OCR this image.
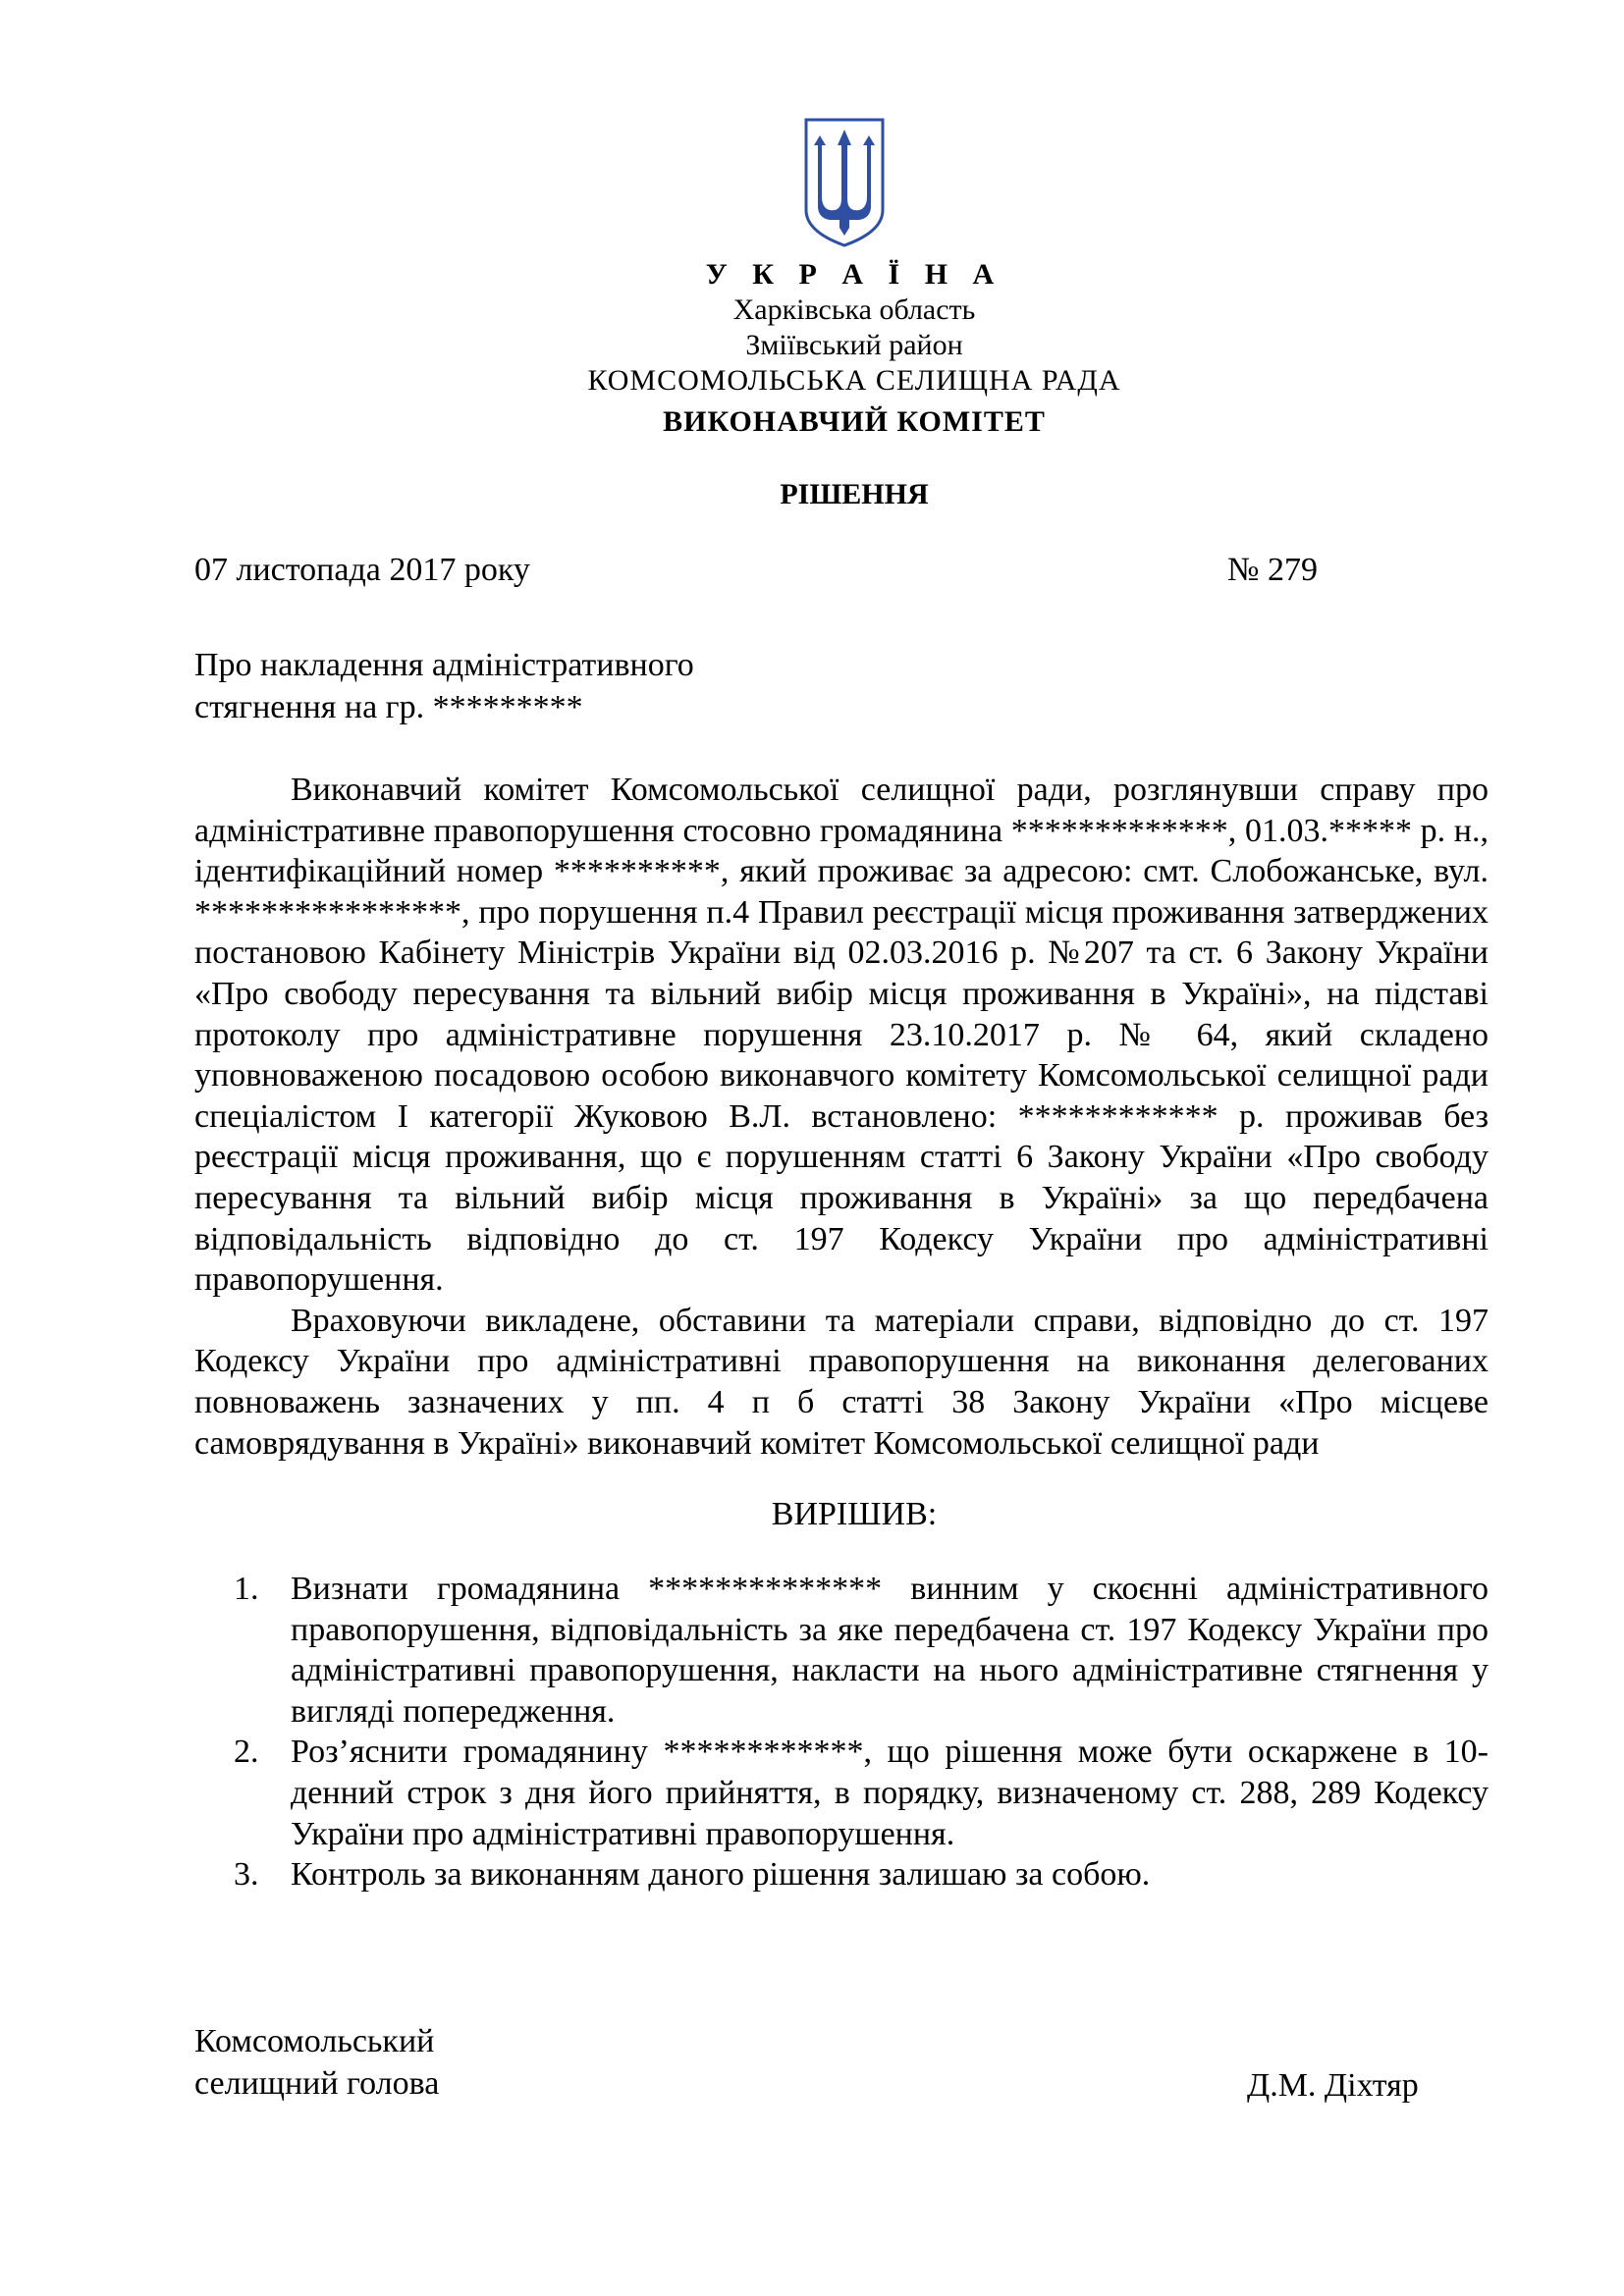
У К Р А Ї Н А
Харківська область
Зміївський район
КОМСОМОЛЬСЬКА СЕЛИЩНА РАДА
ВИКОНАВЧИЙ КОМІТЕТ
РІШЕННЯ
07 листопада 2017 року	№ 279
Про накладення адміністративного
стягнення на гр. *********

Виконавчий комітет Комсомольської селищної ради, розглянувши справу про адміністративне правопорушення стосовно громадянина *************, 01.03.***** р. н., ідентифікаційний номер **********, який проживає за адресою: смт. Слобожанське, вул. ****************, про порушення п.4 Правил реєстрації місця проживання затверджених постановою Кабінету Міністрів України від 02.03.2016 р. №207 та ст. 6 Закону України «Про свободу пересування та вільний вибір місця проживання в Україні», на підставі протоколу про адміністративне порушення 23.10.2017 р. № 64, який складено уповноваженою посадовою особою виконавчого комітету Комсомольської селищної ради спеціалістом І категорії Жуковою В.Л. встановлено: ************ р. проживав без реєстрації місця проживання, що є порушенням статті 6 Закону України «Про свободу пересування та вільний вибір місця проживання в Україні» за що передбачена відповідальність відповідно до ст. 197 Кодексу України про адміністративні правопорушення.

Враховуючи викладене, обставини та матеріали справи, відповідно до ст. 197 Кодексу України про адміністративні правопорушення на виконання делегованих повноважень зазначених у пп. 4 п б статті 38 Закону України «Про місцеве самоврядування в Україні» виконавчий комітет Комсомольської селищної ради

ВИРІШИВ:
1. Визнати громадянина ************** винним у скоєнні адміністративного правопорушення, відповідальність за яке передбачена ст. 197 Кодексу України про адміністративні правопорушення, накласти на нього адміністративне стягнення у вигляді попередження.
2. Роз’яснити громадянину ************, що рішення може бути оскаржене в 10-денний строк з дня його прийняття, в порядку, визначеному ст. 288, 289 Кодексу України про адміністративні правопорушення.
3. Контроль за виконанням даного рішення залишаю за собою.
Комсомольський
селищний голова	Д.М. Діхтяр
